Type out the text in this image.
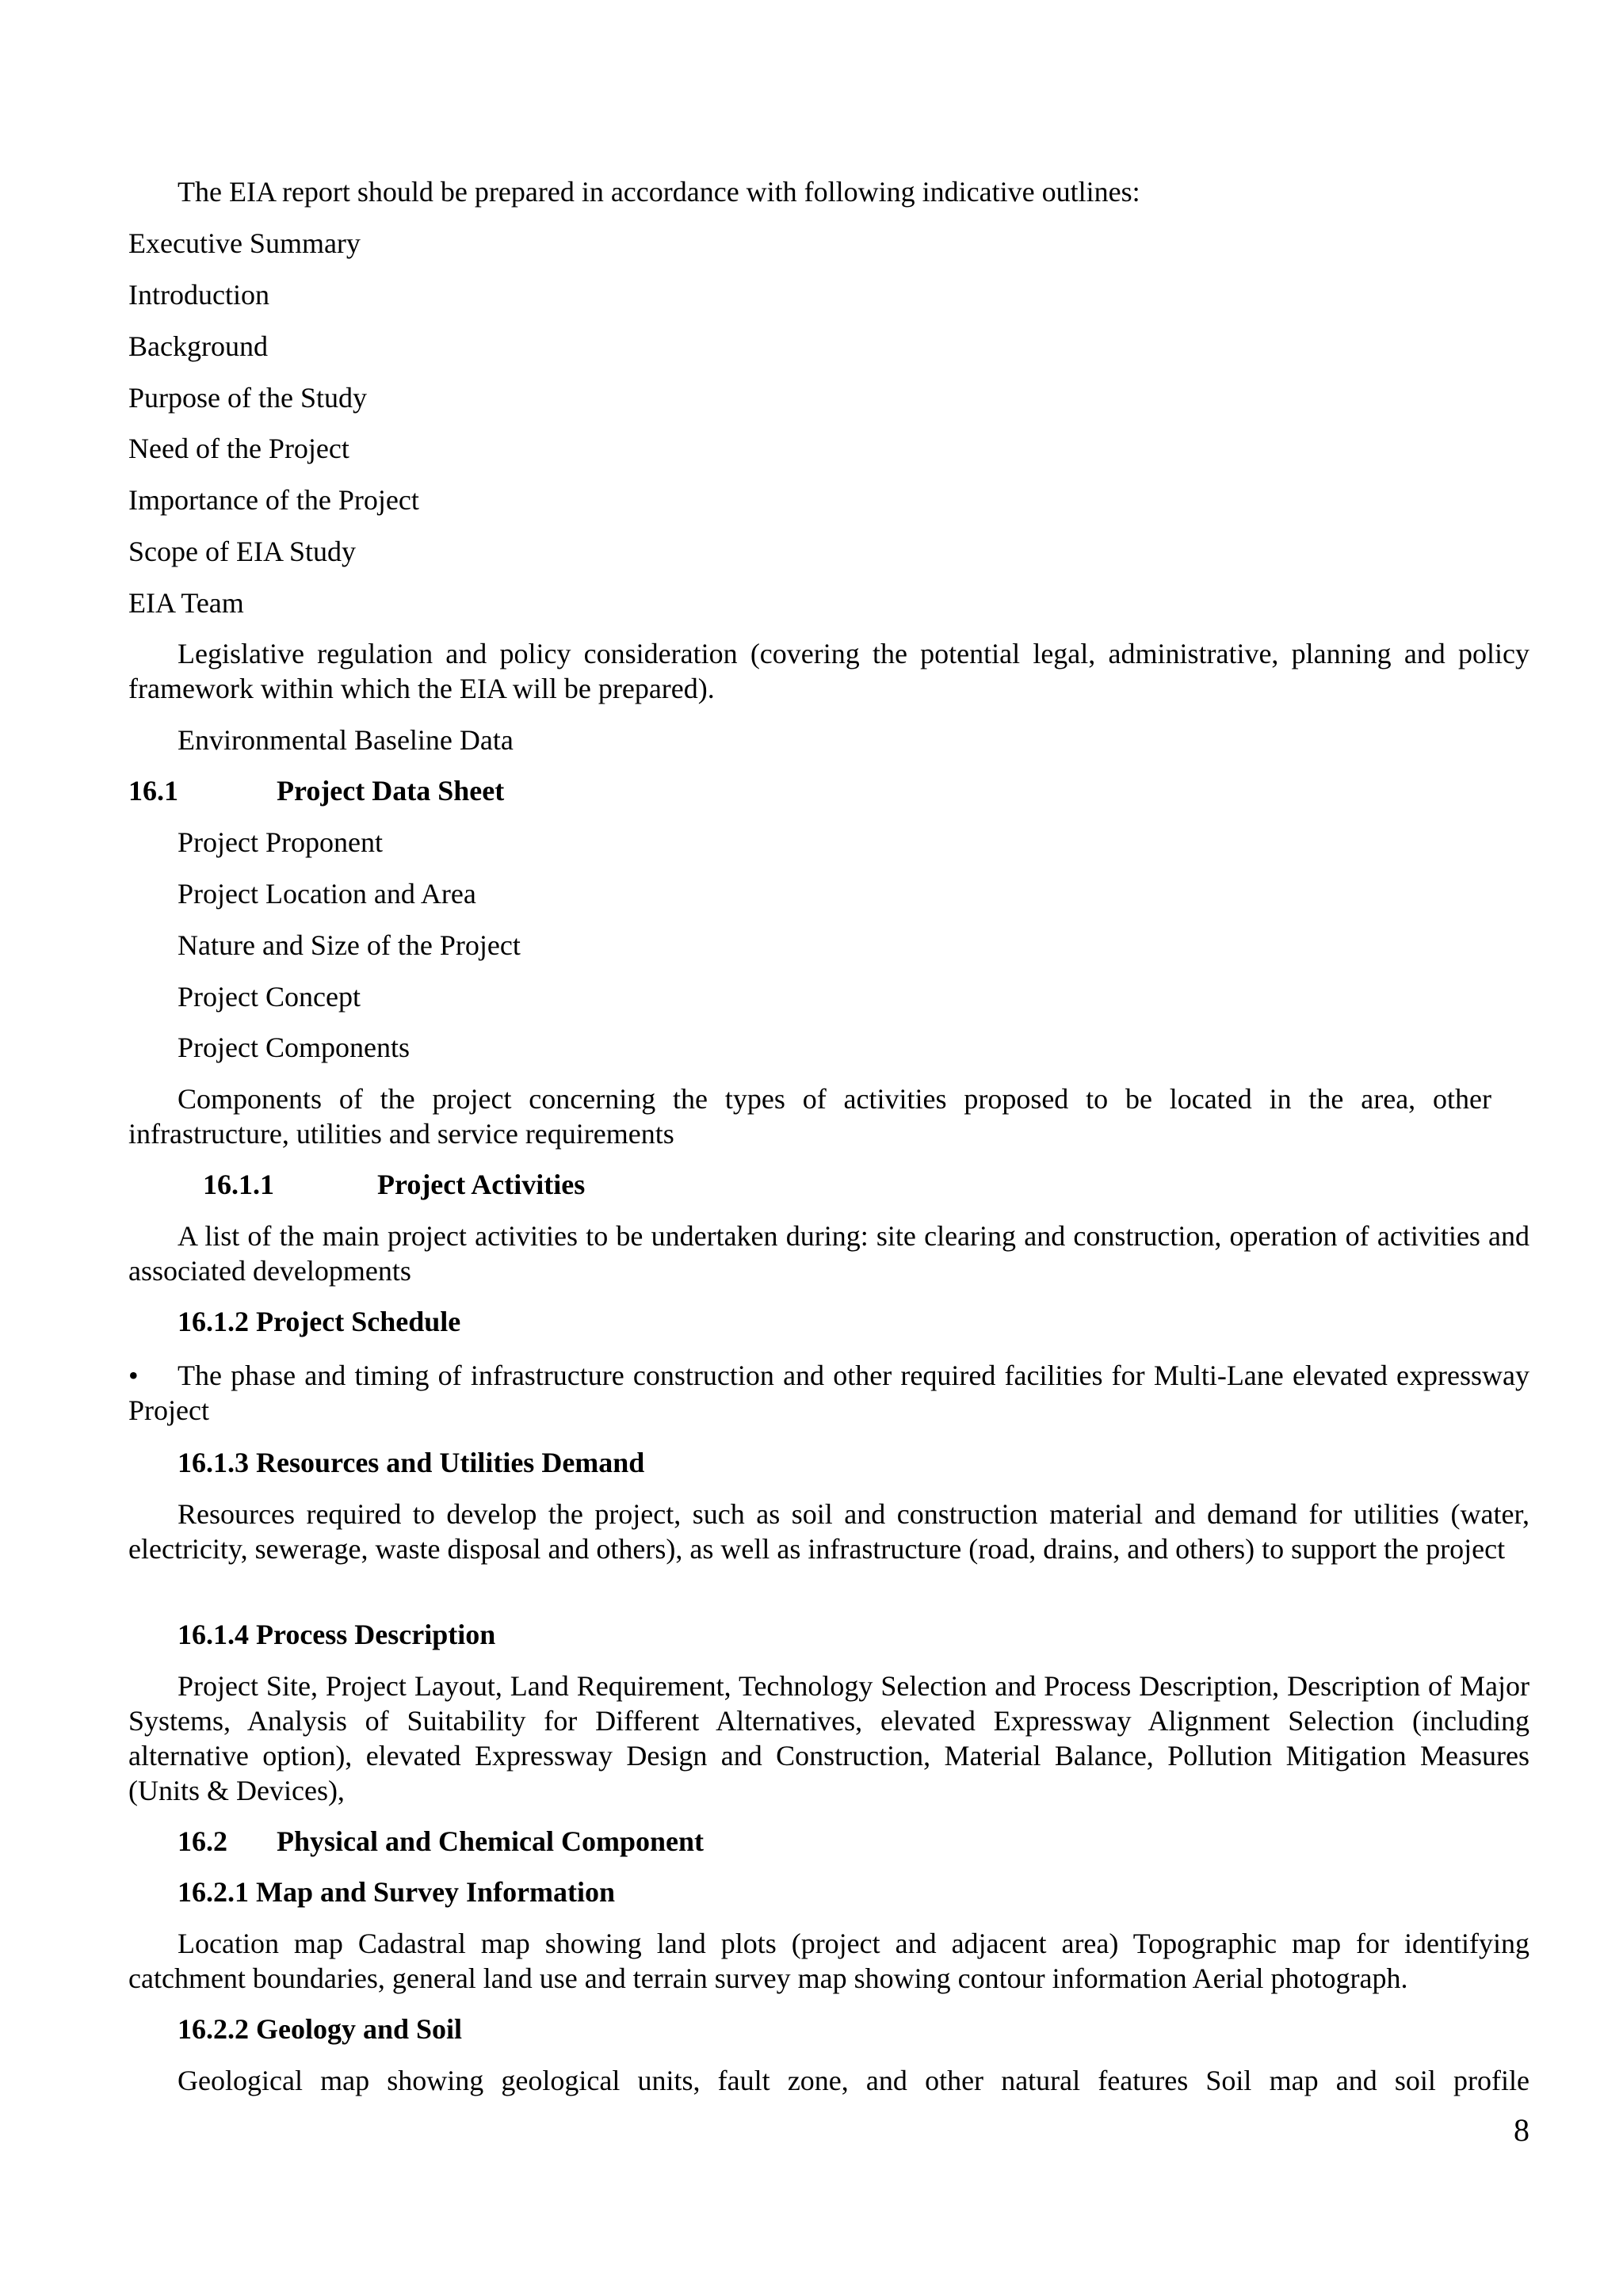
The EIA report should be prepared in accordance with following indicative outlines:
Executive Summary
Introduction
Background
Purpose of the Study
Need of the Project
Importance of the Project
Scope of EIA Study
EIA Team
Legislative regulation and policy consideration (covering the potential legal, administrative, planning and policy framework within which the EIA will be prepared).
Environmental Baseline Data
16.1	Project Data Sheet
Project Proponent
Project Location and Area
Nature and Size of the Project
Project Concept
Project Components
Components of the project concerning the types of activities proposed to be located in the area, other infrastructure, utilities and service requirements
16.1.1	Project Activities
A list of the main project activities to be undertaken during: site clearing and construction, operation of activities and associated developments
16.1.2 Project Schedule
•	The phase and timing of infrastructure construction and other required facilities for Multi-Lane elevated expressway Project
16.1.3 Resources and Utilities Demand
Resources required to develop the project, such as soil and construction material and demand for utilities (water, electricity, sewerage, waste disposal and others), as well as infrastructure (road, drains, and others) to support the project
16.1.4 Process Description
Project Site, Project Layout, Land Requirement, Technology Selection and Process Description, Description of Major Systems, Analysis of Suitability for Different Alternatives, elevated Expressway Alignment Selection (including alternative option), elevated Expressway Design and Construction, Material Balance, Pollution Mitigation Measures (Units & Devices),
16.2 Physical and Chemical Component
16.2.1 Map and Survey Information
Location map Cadastral map showing land plots (project and adjacent area) Topographic map for identifying catchment boundaries, general land use and terrain survey map showing contour information Aerial photograph.
16.2.2 Geology and Soil
Geological map showing geological units, fault zone, and other natural features Soil map and soil profile
8
